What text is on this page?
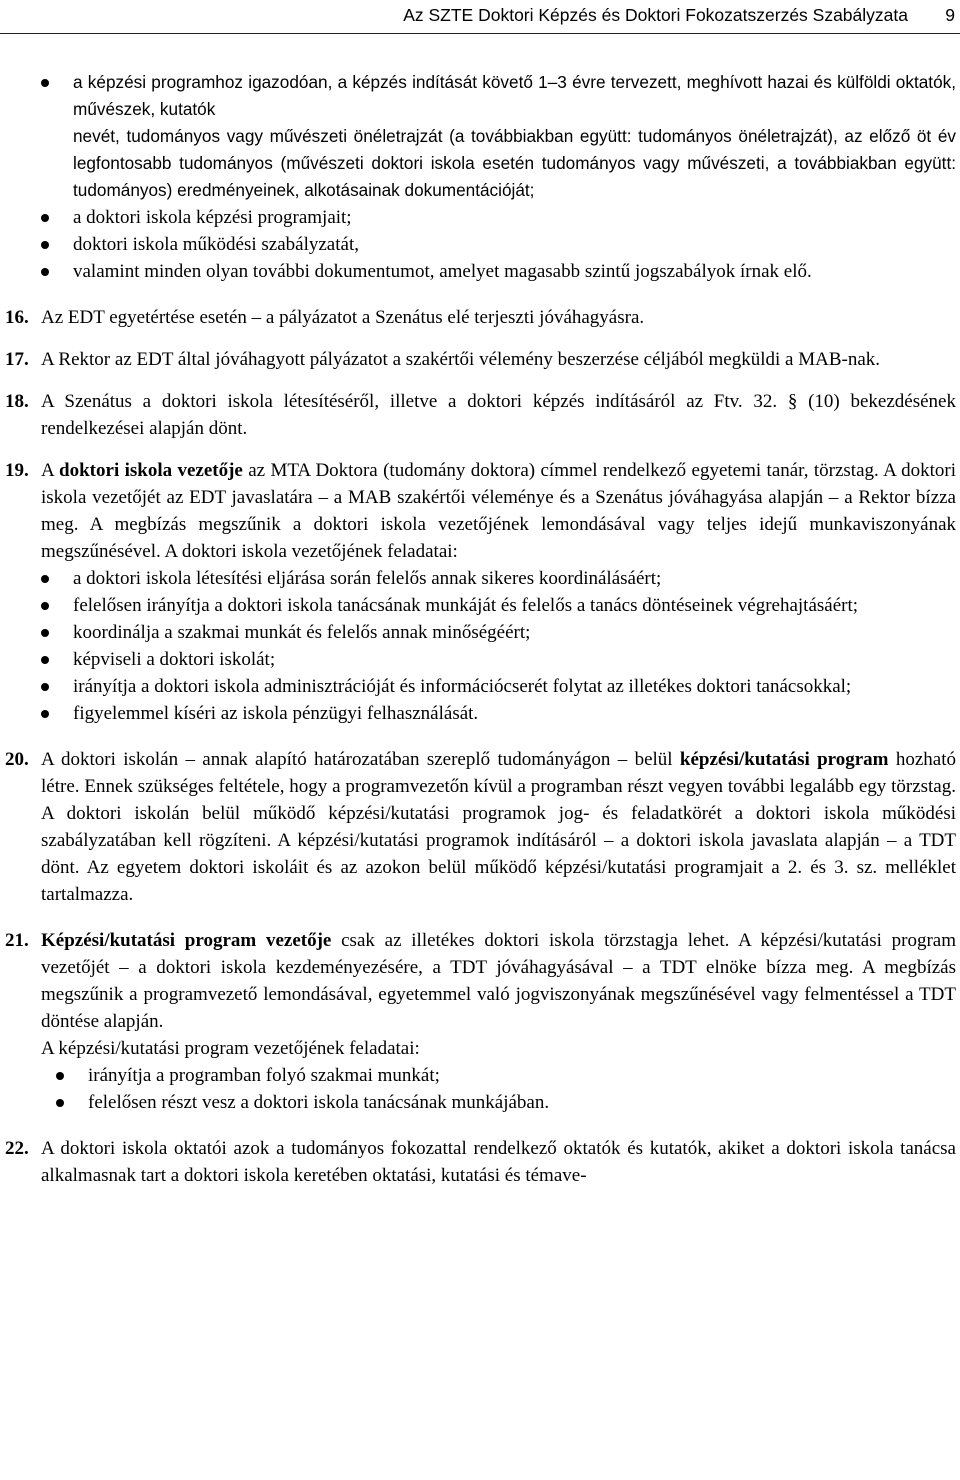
Az SZTE Doktori Képzés és Doktori Fokozatszerzés Szabályzata 9
a képzési programhoz igazodóan, a képzés indítását követő 1–3 évre tervezett, meghívott hazai és külföldi oktatók, művészek, kutatók
nevét, tudományos vagy művészeti önéletrajzát (a továbbiakban együtt: tudományos önéletrajzát), az előző öt év legfontosabb tudományos (művészeti doktori iskola esetén tudományos vagy művészeti, a továbbiakban együtt: tudományos) eredményeinek, alkotásainak dokumentációját;
a doktori iskola képzési programjait;
doktori iskola működési szabályzatát,
valamint minden olyan további dokumentumot, amelyet magasabb szintű jogszabályok írnak elő.
16. Az EDT egyetértése esetén – a pályázatot a Szenátus elé terjeszti jóváhagyásra.
17. A Rektor az EDT által jóváhagyott pályázatot a szakértői vélemény beszerzése céljából megküldi a MAB-nak.
18. A Szenátus a doktori iskola létesítéséről, illetve a doktori képzés indításáról az Ftv. 32. § (10) bekezdésének rendelkezései alapján dönt.
19. A doktori iskola vezetője az MTA Doktora (tudomány doktora) címmel rendelkező egyetemi tanár, törzstag. A doktori iskola vezetőjét az EDT javaslatára – a MAB szakértői véleménye és a Szenátus jóváhagyása alapján – a Rektor bízza meg. A megbízás megszűnik a doktori iskola vezetőjének lemondásával vagy teljes idejű munkaviszonyának megszűnésével. A doktori iskola vezetőjének feladatai:
a doktori iskola létesítési eljárása során felelős annak sikeres koordinálásáért;
felelősen irányítja a doktori iskola tanácsának munkáját és felelős a tanács döntéseinek végrehajtásáért;
koordinálja a szakmai munkát és felelős annak minőségéért;
képviseli a doktori iskolát;
irányítja a doktori iskola adminisztrációját és információcserét folytat az illetékes doktori tanácsokkal;
figyelemmel kíséri az iskola pénzügyi felhasználását.
20. A doktori iskolán – annak alapító határozatában szereplő tudományágon – belül képzési/kutatási program hozható létre. Ennek szükséges feltétele, hogy a programvezetőn kívül a programban részt vegyen további legalább egy törzstag. A doktori iskolán belül működő képzési/kutatási programok jog- és feladatkörét a doktori iskola működési szabályzatában kell rögzíteni. A képzési/kutatási programok indításáról – a doktori iskola javaslata alapján – a TDT dönt. Az egyetem doktori iskoláit és az azokon belül működő képzési/kutatási programjait a 2. és 3. sz. melléklet tartalmazza.
21. Képzési/kutatási program vezetője csak az illetékes doktori iskola törzstagja lehet. A képzési/kutatási program vezetőjét – a doktori iskola kezdeményezésére, a TDT jóváhagyásával – a TDT elnöke bízza meg. A megbízás megszűnik a programvezető lemondásával, egyetemmel való jogviszonyának megszűnésével vagy felmentéssel a TDT döntése alapján.
A képzési/kutatási program vezetőjének feladatai:
irányítja a programban folyó szakmai munkát;
felelősen részt vesz a doktori iskola tanácsának munkájában.
22. A doktori iskola oktatói azok a tudományos fokozattal rendelkező oktatók és kutatók, akiket a doktori iskola tanácsa alkalmasnak tart a doktori iskola keretében oktatási, kutatási és témave-
